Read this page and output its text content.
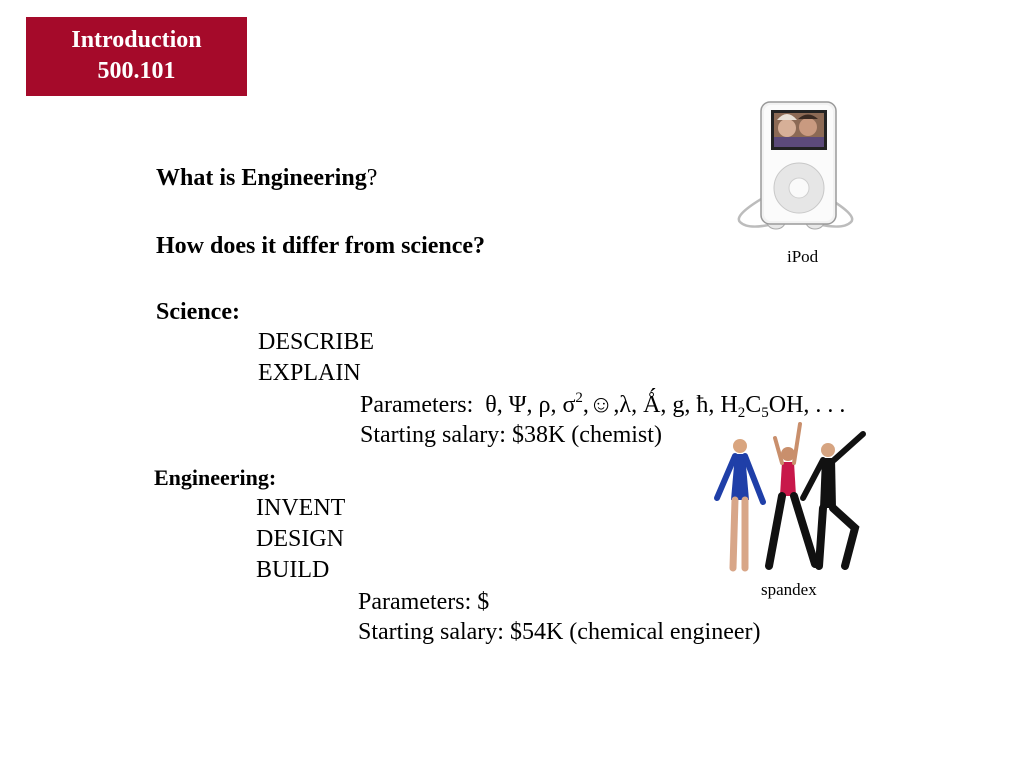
Introduction
500.101
What is Engineering?
How does it differ from science?
Science:
DESCRIBE
EXPLAIN
Parameters: θ, Ψ, ρ, $\sigma^2,☺,\lambda$, Ǻ, g, ħ, $H_2C_5OH$, . . .
Starting salary: $38K (chemist)
Engineering:
INVENT
DESIGN
BUILD
Parameters: $
Starting salary: $54K (chemical engineer)
iPod
spandex
